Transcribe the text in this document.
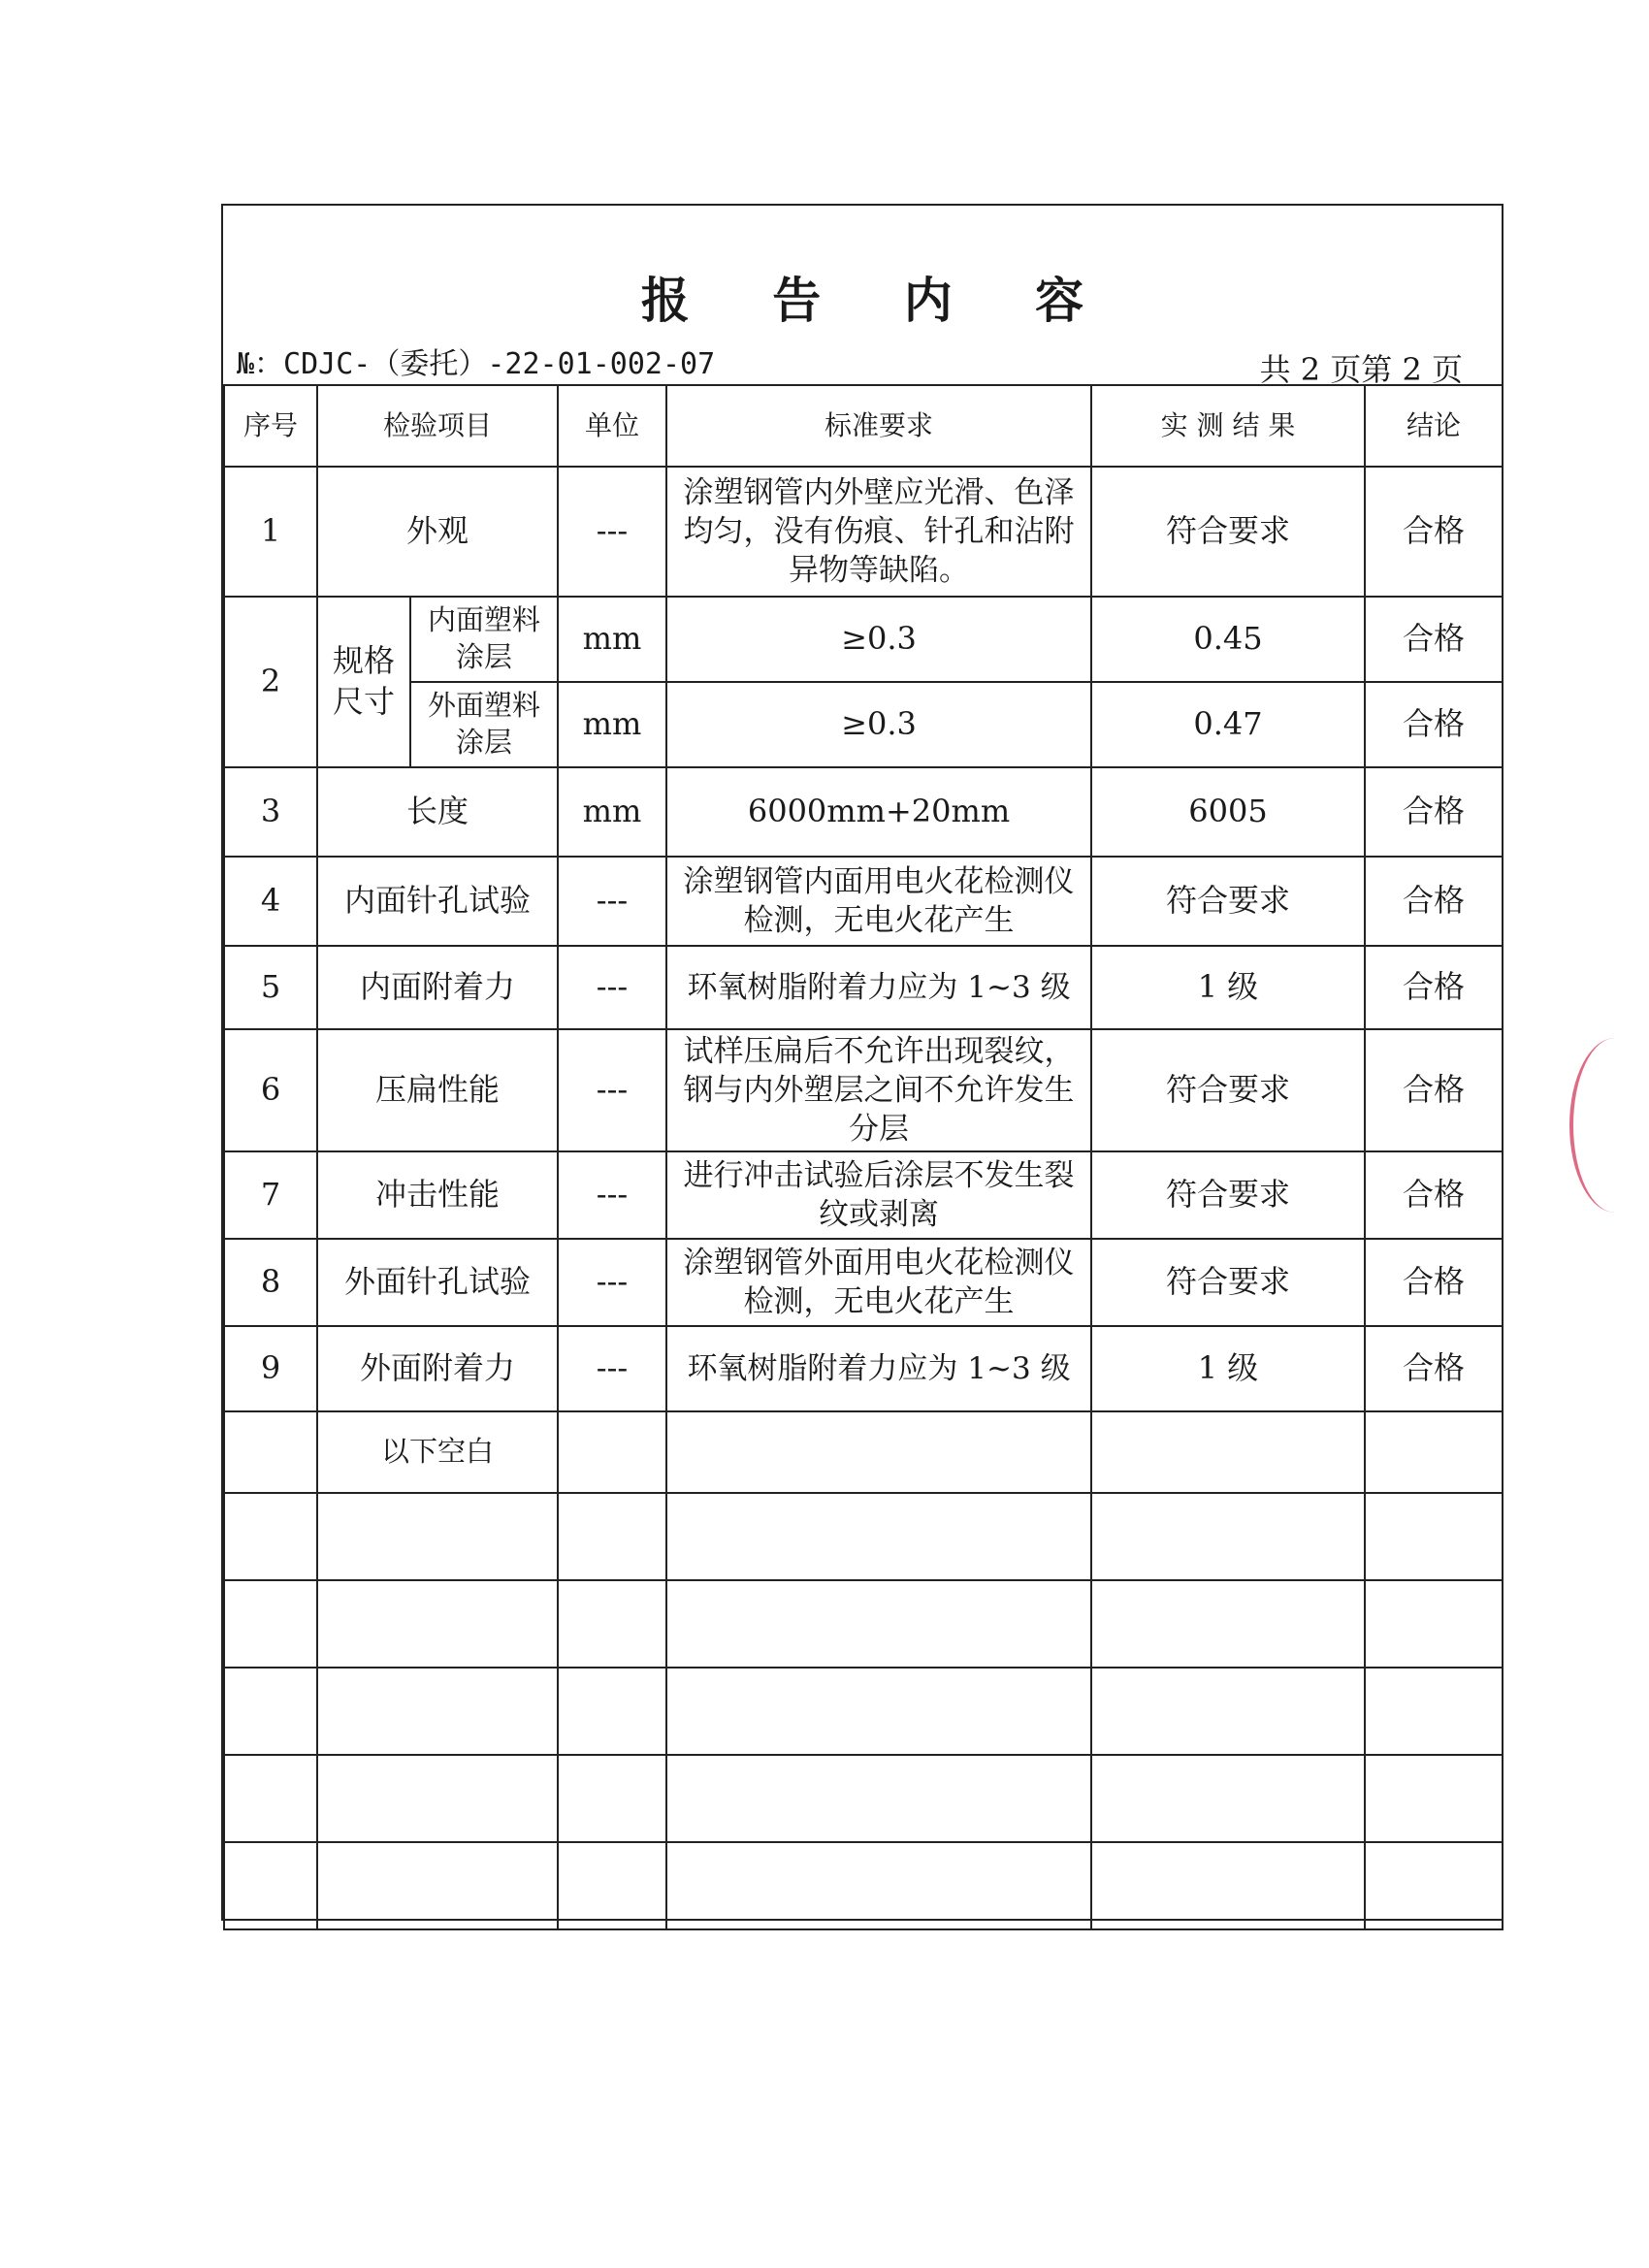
报 告 内 容
№：CDJC-（委托）-22-01-002-07	共 2 页第 2 页
序号	检验项目		单位	标准要求	实 测 结 果	结论
1	外观		---	涂塑钢管内外壁应光滑、色泽均匀，没有伤痕、针孔和沾附异物等缺陷。	符合要求	合格
2	规格尺寸	内面塑料涂层	mm	≥0.3	0.45	合格
		外面塑料涂层	mm	≥0.3	0.47	合格
3	长度		mm	6000mm+20mm	6005	合格
4	内面针孔试验		---	涂塑钢管内面用电火花检测仪检测，无电火花产生	符合要求	合格
5	内面附着力		---	环氧树脂附着力应为 1~3 级	1 级	合格
6	压扁性能		---	试样压扁后不允许出现裂纹，钢与内外塑层之间不允许发生分层	符合要求	合格
7	冲击性能		---	进行冲击试验后涂层不发生裂纹或剥离	符合要求	合格
8	外面针孔试验		---	涂塑钢管外面用电火花检测仪检测，无电火花产生	符合要求	合格
9	外面附着力		---	环氧树脂附着力应为 1~3 级	1 级	合格
	以下空白					
